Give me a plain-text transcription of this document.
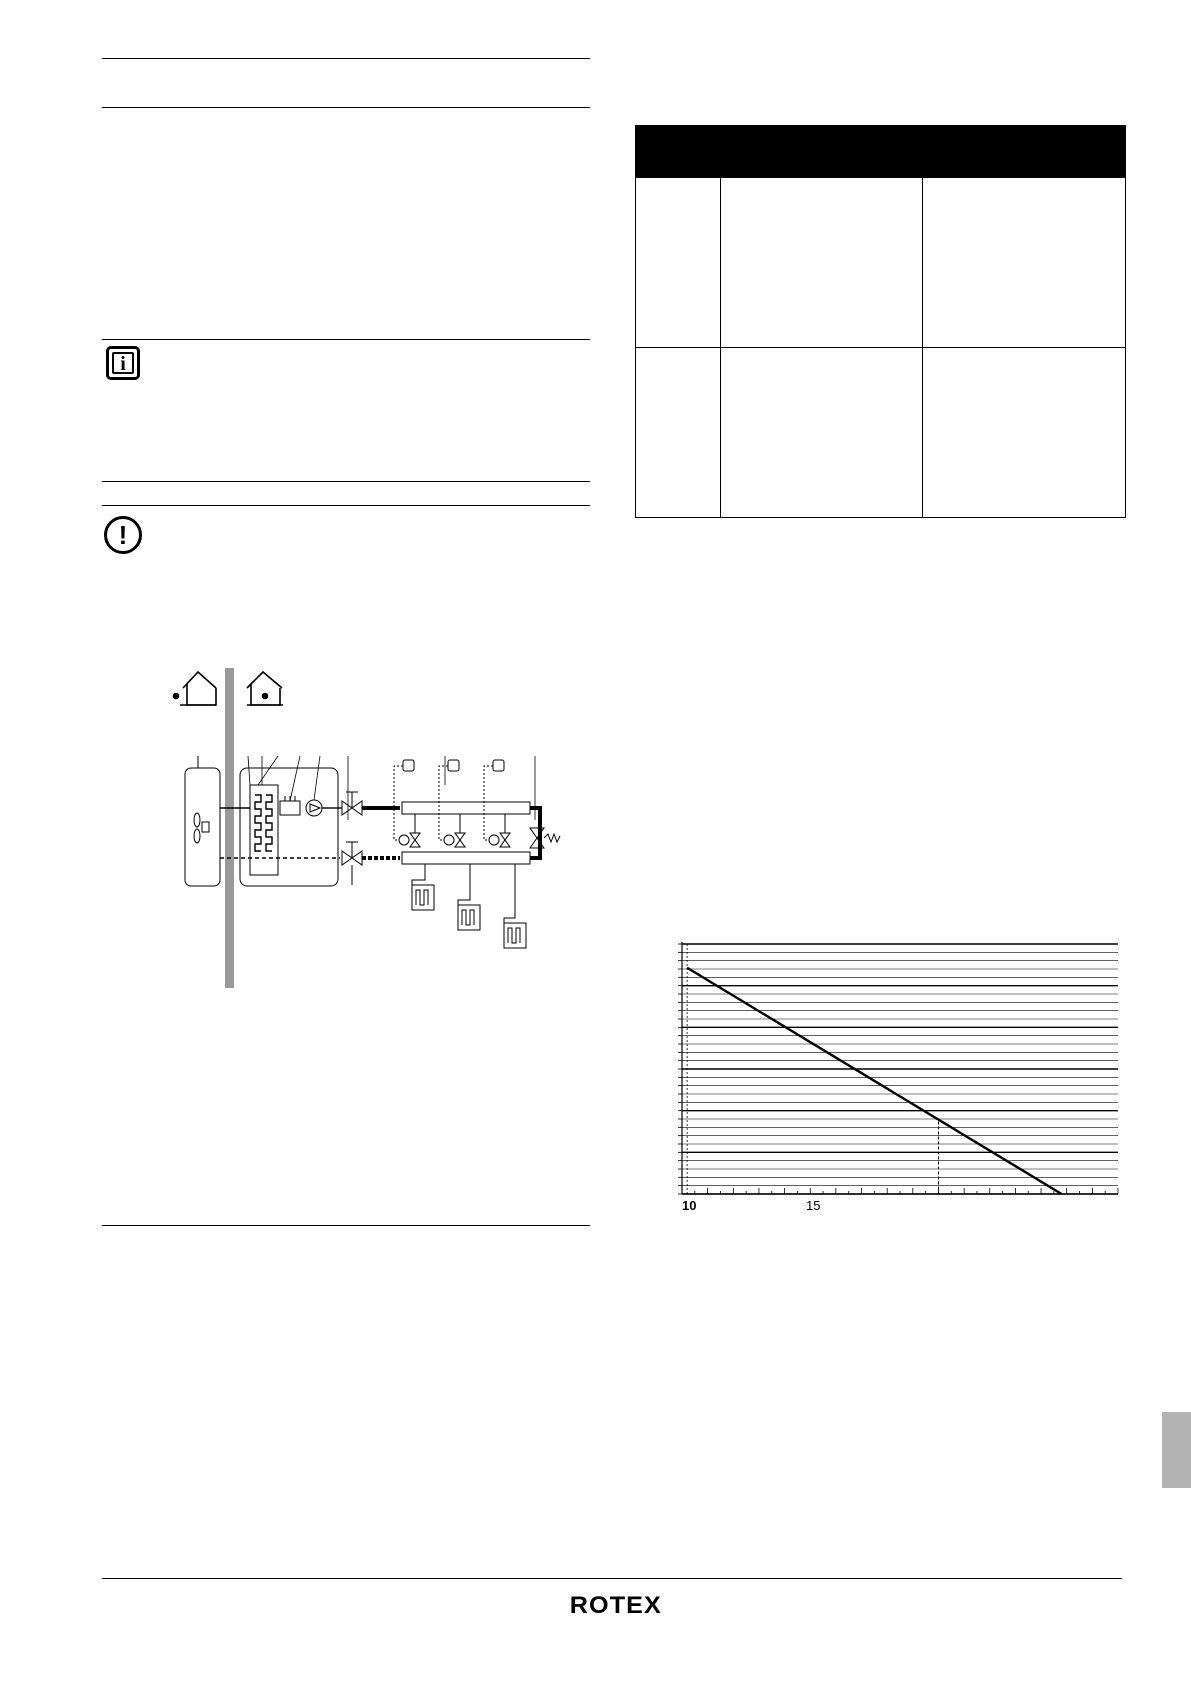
i
!

10	15
ROTEX
